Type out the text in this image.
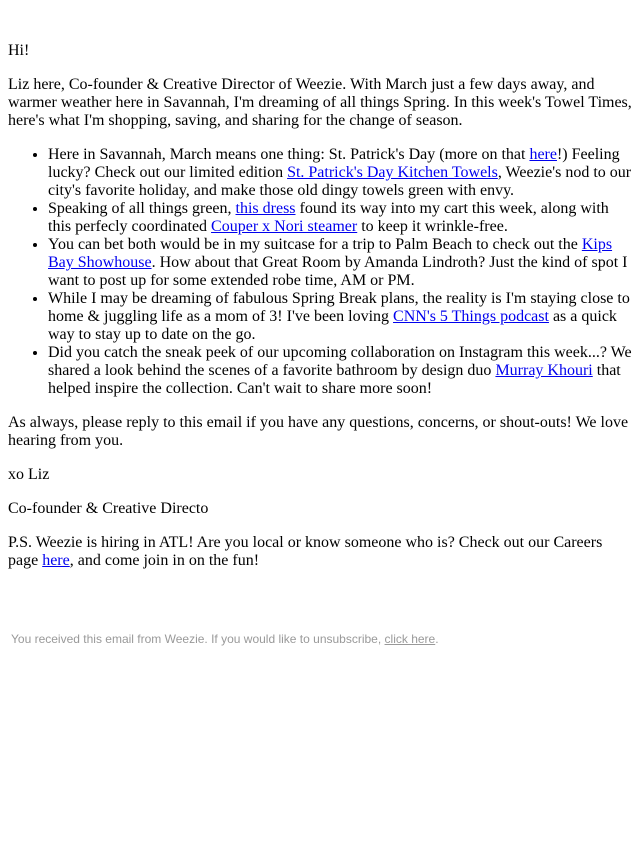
Hi!

Liz here, Co-founder & Creative Director of Weezie. With March just a few days away, and warmer weather here in Savannah, I'm dreaming of all things Spring. In this week's Towel Times, here's what I'm shopping, saving, and sharing for the change of season.

• Here in Savannah, March means one thing: St. Patrick's Day (more on that here!) Feeling lucky? Check out our limited edition St. Patrick's Day Kitchen Towels, Weezie's nod to our city's favorite holiday, and make those old dingy towels green with envy.
• Speaking of all things green, this dress found its way into my cart this week, along with this perfecly coordinated Couper x Nori steamer to keep it wrinkle-free.
• You can bet both would be in my suitcase for a trip to Palm Beach to check out the Kips Bay Showhouse. How about that Great Room by Amanda Lindroth? Just the kind of spot I want to post up for some extended robe time, AM or PM.
• While I may be dreaming of fabulous Spring Break plans, the reality is I'm staying close to home & juggling life as a mom of 3! I've been loving CNN's 5 Things podcast as a quick way to stay up to date on the go.
• Did you catch the sneak peek of our upcoming collaboration on Instagram this week...? We shared a look behind the scenes of a favorite bathroom by design duo Murray Khouri that helped inspire the collection. Can't wait to share more soon!

As always, please reply to this email if you have any questions, concerns, or shout-outs! We love hearing from you.

xo Liz

Co-founder & Creative Directo

P.S. Weezie is hiring in ATL! Are you local or know someone who is? Check out our Careers page here, and come join in on the fun!

You received this email from Weezie. If you would like to unsubscribe, click here.
